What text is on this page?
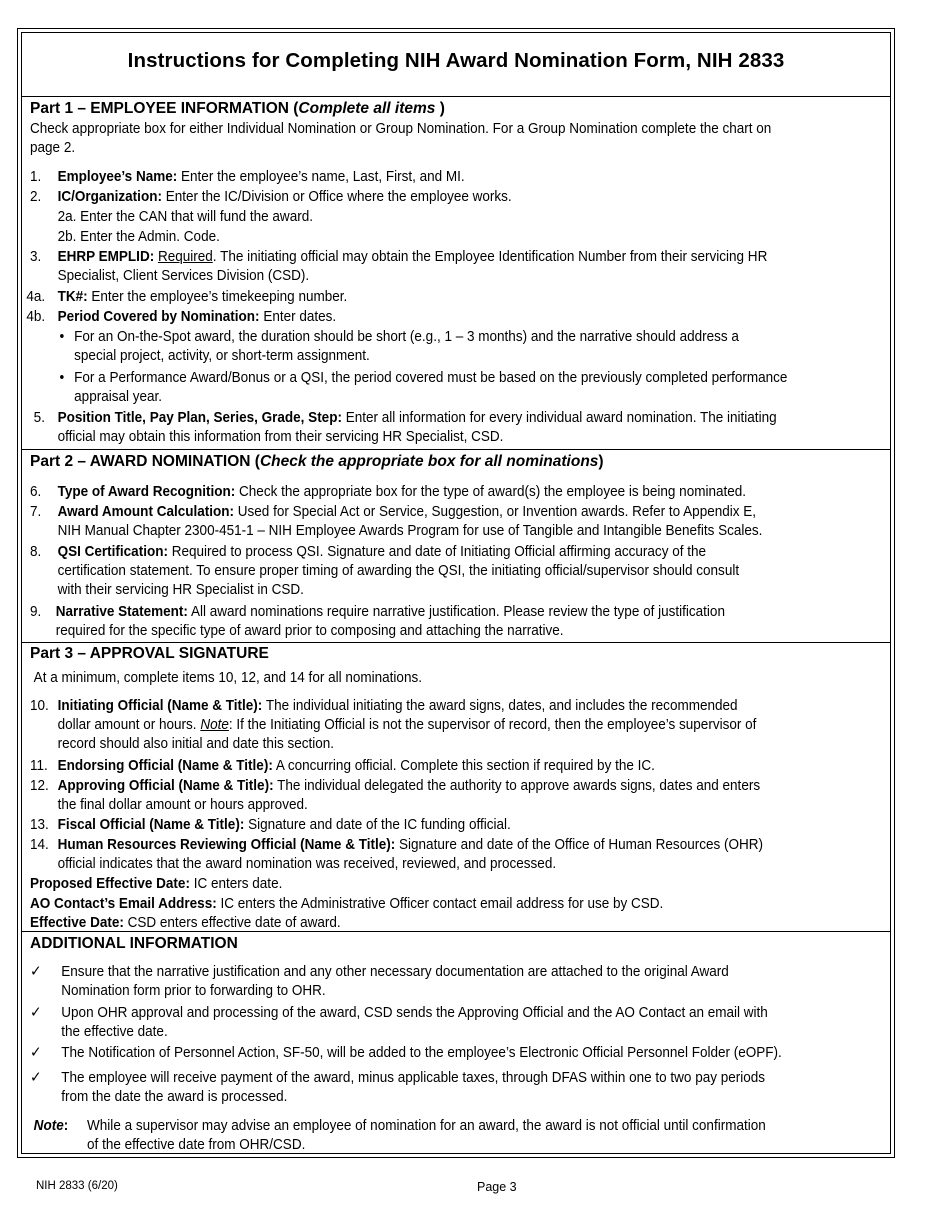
Instructions for Completing NIH Award Nomination Form, NIH 2833
Part 1 – EMPLOYEE INFORMATION (Complete all items )
Check appropriate box for either Individual Nomination or Group Nomination. For a Group Nomination complete the chart on
page 2.
1. Employee’s Name: Enter the employee’s name, Last, First, and MI.
2. IC/Organization: Enter the IC/Division or Office where the employee works.
2a. Enter the CAN that will fund the award.
2b. Enter the Admin. Code.
3. EHRP EMPLID: Required. The initiating official may obtain the Employee Identification Number from their servicing HR
Specialist, Client Services Division (CSD).
4a. TK#: Enter the employee’s timekeeping number.
4b. Period Covered by Nomination: Enter dates.
• For an On-the-Spot award, the duration should be short (e.g., 1 – 3 months) and the narrative should address a
special project, activity, or short-term assignment.
• For a Performance Award/Bonus or a QSI, the period covered must be based on the previously completed performance
appraisal year.
5. Position Title, Pay Plan, Series, Grade, Step: Enter all information for every individual award nomination. The initiating
official may obtain this information from their servicing HR Specialist, CSD.
Part 2 – AWARD NOMINATION (Check the appropriate box for all nominations)
6. Type of Award Recognition: Check the appropriate box for the type of award(s) the employee is being nominated.
7. Award Amount Calculation: Used for Special Act or Service, Suggestion, or Invention awards. Refer to Appendix E,
NIH Manual Chapter 2300-451-1 – NIH Employee Awards Program for use of Tangible and Intangible Benefits Scales.
8. QSI Certification: Required to process QSI. Signature and date of Initiating Official affirming accuracy of the
certification statement. To ensure proper timing of awarding the QSI, the initiating official/supervisor should consult
with their servicing HR Specialist in CSD.
9. Narrative Statement: All award nominations require narrative justification. Please review the type of justification
required for the specific type of award prior to composing and attaching the narrative.
Part 3 – APPROVAL SIGNATURE
At a minimum, complete items 10, 12, and 14 for all nominations.
10. Initiating Official (Name & Title): The individual initiating the award signs, dates, and includes the recommended
dollar amount or hours. Note: If the Initiating Official is not the supervisor of record, then the employee’s supervisor of
record should also initial and date this section.
11. Endorsing Official (Name & Title): A concurring official. Complete this section if required by the IC.
12. Approving Official (Name & Title): The individual delegated the authority to approve awards signs, dates and enters
the final dollar amount or hours approved.
13. Fiscal Official (Name & Title): Signature and date of the IC funding official.
14. Human Resources Reviewing Official (Name & Title): Signature and date of the Office of Human Resources (OHR)
official indicates that the award nomination was received, reviewed, and processed.
Proposed Effective Date: IC enters date.
AO Contact’s Email Address: IC enters the Administrative Officer contact email address for use by CSD.
Effective Date: CSD enters effective date of award.
ADDITIONAL INFORMATION
✓ Ensure that the narrative justification and any other necessary documentation are attached to the original Award
Nomination form prior to forwarding to OHR.
✓ Upon OHR approval and processing of the award, CSD sends the Approving Official and the AO Contact an email with
the effective date.
✓ The Notification of Personnel Action, SF-50, will be added to the employee’s Electronic Official Personnel Folder (eOPF).
✓ The employee will receive payment of the award, minus applicable taxes, through DFAS within one to two pay periods
from the date the award is processed.
Note: While a supervisor may advise an employee of nomination for an award, the award is not official until confirmation
of the effective date from OHR/CSD.
NIH 2833 (6/20)	Page 3
